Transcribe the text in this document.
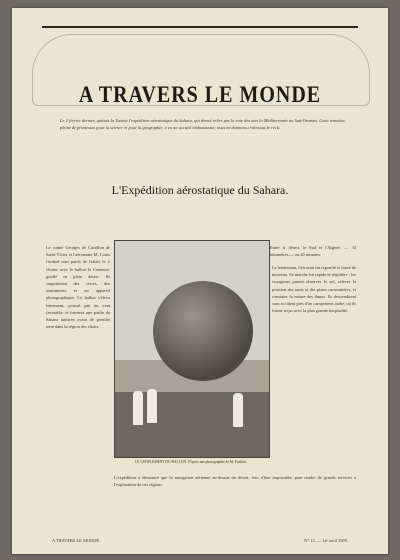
A TRAVERS LE MONDE
Le 2 février dernier, quittait la Tunisie l'expédition aérostatique du Sahara, qui devait relier par la voie des airs la Méditerranée au Sud-Oranais. Cette tentative, pleine de promesses pour la science et pour la géographie, a eu un accueil enthousiaste; nous en donnons ci-dessous le récit.
L'Expédition aérostatique du Sahara.
Le comte Georges de Castillon de Saint-Victor et l'aéronaute M. Louis Godard sont partis de Gabès le 2 février avec le ballon le Centaure, gonflé en plein désert. Ils emportaient des vivres, des instruments et un appareil photographique. Le ballon s'éleva lentement, poussé par un vent favorable, et traversa une partie du Sahara tunisien avant de prendre terre dans la région des chotts.
Entre le désert, le Sud et l'Algérie, — 34 kilomètres — en 40 minutes.
Le lendemain, l'aérostat fut regonflé et lancé de nouveau. Sa marche fut rapide et régulière ; les voyageurs purent observer le sol, relever la position des oasis et des pistes caravanières, et constater la nature des dunes. Ils descendirent sans accident près d'un campement arabe, où ils furent reçus avec la plus grande hospitalité.
L'expédition a démontré que la navigation aérienne au-dessus du désert, loin d'être impossible, peut rendre de grands services à l'exploration de ces régions.
LE GONFLEMENT DU BALLON. D'après une photographie de M. Fonthès.
A TRAVERS LE MONDE.	N° 13. — 1er avril 1905.
